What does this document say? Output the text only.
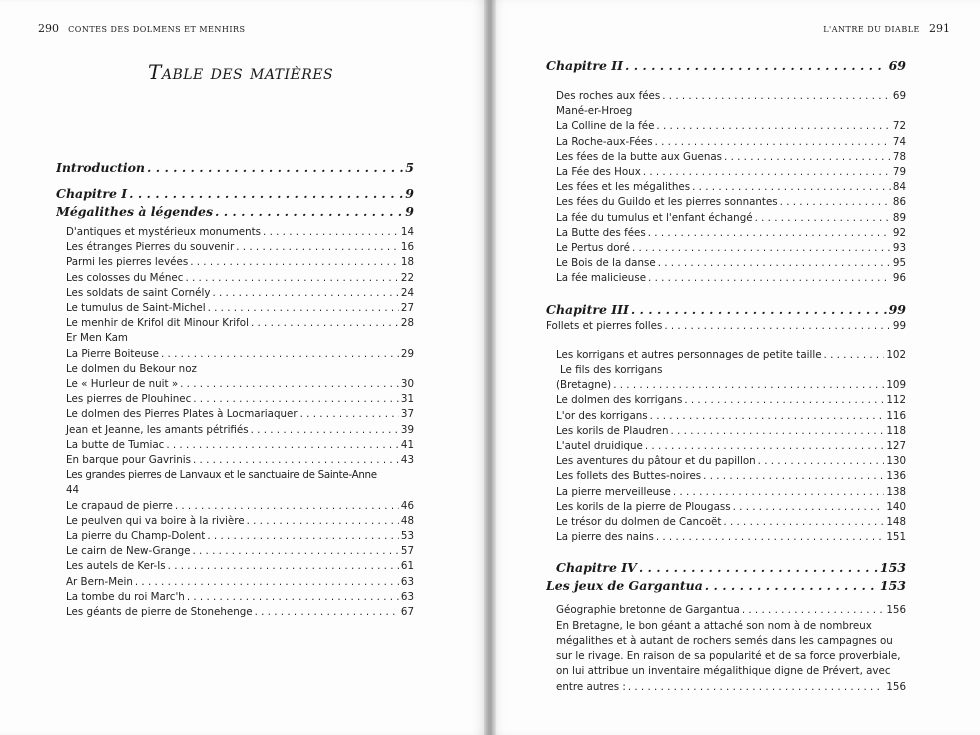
290 CONTES DES DOLMENS ET MENHIRS
Table des matières
Introduction . . .	5
Chapitre I . . .	9
Mégalithes à légendes . . .	9
D'antiques et mystérieux monuments . . .	14
Les étranges Pierres du souvenir . . .	16
Parmi les pierres levées . . .	18
Les colosses du Ménec . . .	22
Les soldats de saint Cornély . . .	24
Le tumulus de Saint-Michel . . .	27
Le menhir de Krifol dit Minour Krifol . . .	28
Er Men Kam
La Pierre Boiteuse . . .	29
Le dolmen du Bekour noz
Le « Hurleur de nuit » . . .	30
Les pierres de Plouhinec . . .	31
Le dolmen des Pierres Plates à Locmariaquer . . .	37
Jean et Jeanne, les amants pétrifiés . . .	39
La butte de Tumiac . . .	41
En barque pour Gavrinis . . .	43
Les grandes pierres de Lanvaux et le sanctuaire de Sainte-Anne
44
Le crapaud de pierre . . .	46
Le peulven qui va boire à la rivière . . .	48
La pierre du Champ-Dolent . . .	53
Le cairn de New-Grange . . .	57
Les autels de Ker-Is . . .	61
Ar Bern-Mein . . .	63
La tombe du roi Marc'h . . .	63
Les géants de pierre de Stonehenge . . .	67
L'ANTRE DU DIABLE 291
Chapitre II . . .	69
Des roches aux fées . . .	69
Mané-er-Hroeg
La Colline de la fée . . .	72
La Roche-aux-Fées . . .	74
Les fées de la butte aux Guenas . . .	78
La Fée des Houx . . .	79
Les fées et les mégalithes . . .	84
Les fées du Guildo et les pierres sonnantes . . .	86
La fée du tumulus et l'enfant échangé . . .	89
La Butte des fées . . .	92
Le Pertus doré . . .	93
Le Bois de la danse . . .	95
La fée malicieuse . . .	96
Chapitre III . . .	99
Follets et pierres folles . . .	99
Les korrigans et autres personnages de petite taille . . .	102
Le fils des korrigans
(Bretagne) . . .	109
Le dolmen des korrigans . . .	112
L'or des korrigans . . .	116
Les korils de Plaudren . . .	118
L'autel druidique . . .	127
Les aventures du pâtour et du papillon . . .	130
Les follets des Buttes-noires . . .	136
La pierre merveilleuse . . .	138
Les korils de la pierre de Plougass . . .	140
Le trésor du dolmen de Cancoët . . .	148
La pierre des nains . . .	151
Chapitre IV . . .	153
Les jeux de Gargantua . . .	153
Géographie bretonne de Gargantua . . .	156
En Bretagne, le bon géant a attaché son nom à de nombreux mégalithes et à autant de rochers semés dans les campagnes ou sur le rivage. En raison de sa popularité et de sa force proverbiale, on lui attribue un inventaire mégalithique digne de Prévert, avec
entre autres : . . .	156
